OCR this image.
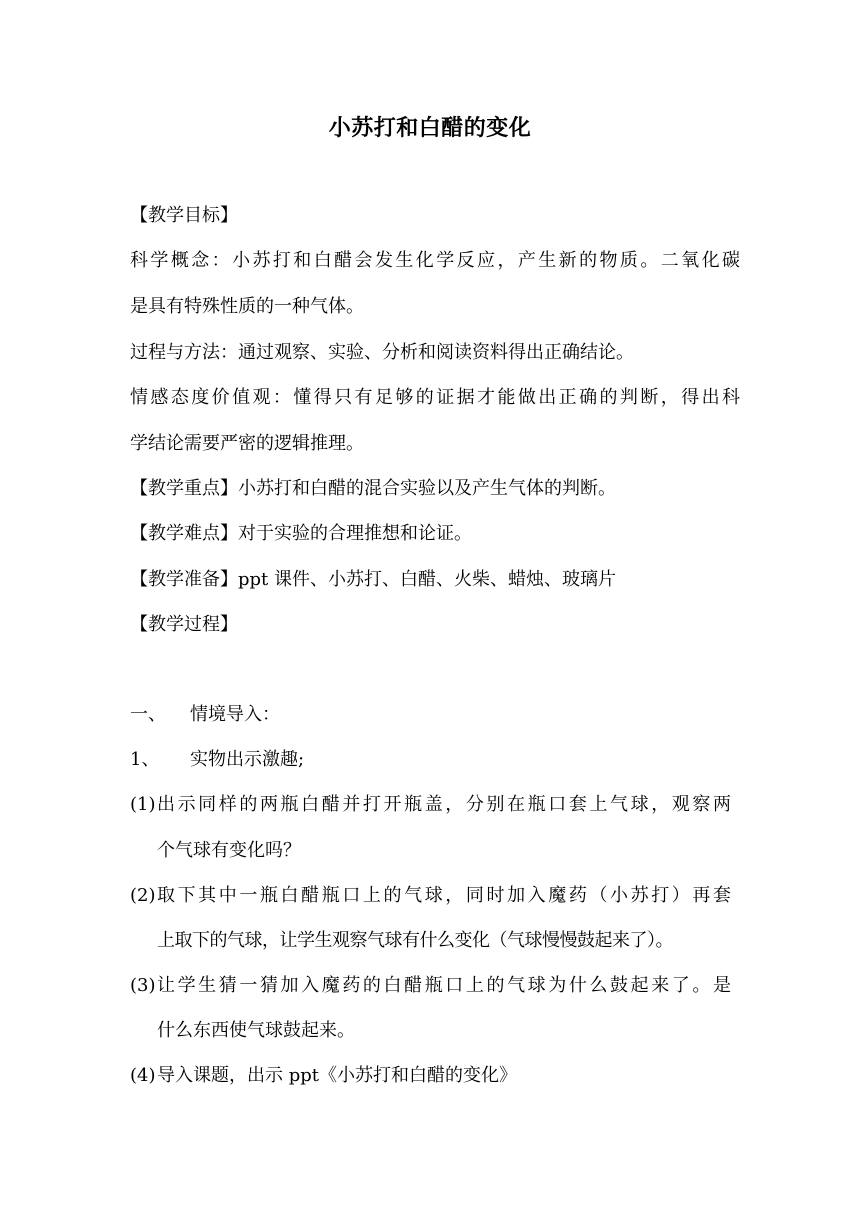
小苏打和白醋的变化
【教学目标】
科学概念：小苏打和白醋会发生化学反应，产生新的物质。二氧化碳
是具有特殊性质的一种气体。
过程与方法：通过观察、实验、分析和阅读资料得出正确结论。
情感态度价值观：懂得只有足够的证据才能做出正确的判断，得出科
学结论需要严密的逻辑推理。
【教学重点】小苏打和白醋的混合实验以及产生气体的判断。
【教学难点】对于实验的合理推想和论证。
【教学准备】ppt 课件、小苏打、白醋、火柴、蜡烛、玻璃片
【教学过程】
一、 情境导入：
1、 实物出示激趣;
(1) 出示同样的两瓶白醋并打开瓶盖，分别在瓶口套上气球，观察两
个气球有变化吗？
(2) 取下其中一瓶白醋瓶口上的气球，同时加入魔药（小苏打）再套
上取下的气球，让学生观察气球有什么变化（气球慢慢鼓起来了）。
(3) 让学生猜一猜加入魔药的白醋瓶口上的气球为什么鼓起来了。是
什么东西使气球鼓起来。
(4) 导入课题，出示 ppt《小苏打和白醋的变化》
